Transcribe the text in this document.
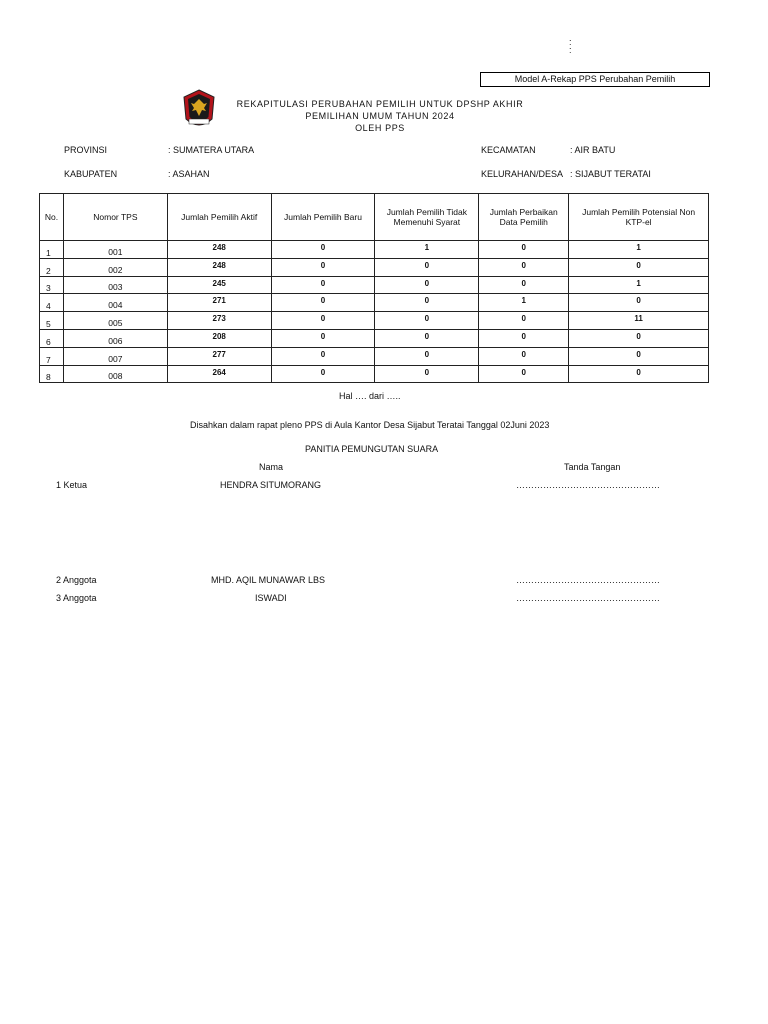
:
:
Model A-Rekap PPS Perubahan Pemilih
REKAPITULASI PERUBAHAN PEMILIH UNTUK DPSHP AKHIR
PEMILIHAN UMUM TAHUN 2024
OLEH PPS
PROVINSI	: SUMATERA UTARA
KABUPATEN	: ASAHAN
KECAMATAN	: AIR BATU
KELURAHAN/DESA : SIJABUT TERATAI
No.	Nomor TPS	Jumlah Pemilih Aktif	Jumlah Pemilih Baru	Jumlah Pemilih Tidak Memenuhi Syarat	Jumlah Perbaikan Data Pemilih	Jumlah Pemilih Potensial Non KTP-el
1	001	248	0	1	0	1
2	002	248	0	0	0	0
3	003	245	0	0	0	1
4	004	271	0	0	1	0
5	005	273	0	0	0	11
6	006	208	0	0	0	0
7	007	277	0	0	0	0
8	008	264	0	0	0	0
Hal …. dari …..
Disahkan dalam rapat pleno PPS di Aula Kantor Desa Sijabut Teratai Tanggal 02Juni 2023
PANITIA PEMUNGUTAN SUARA
Nama	Tanda Tangan
1 Ketua	HENDRA SITUMORANG	…………………………………………
2 Anggota	MHD. AQIL MUNAWAR LBS	…………………………………………
3 Anggota	ISWADI	…………………………………………
